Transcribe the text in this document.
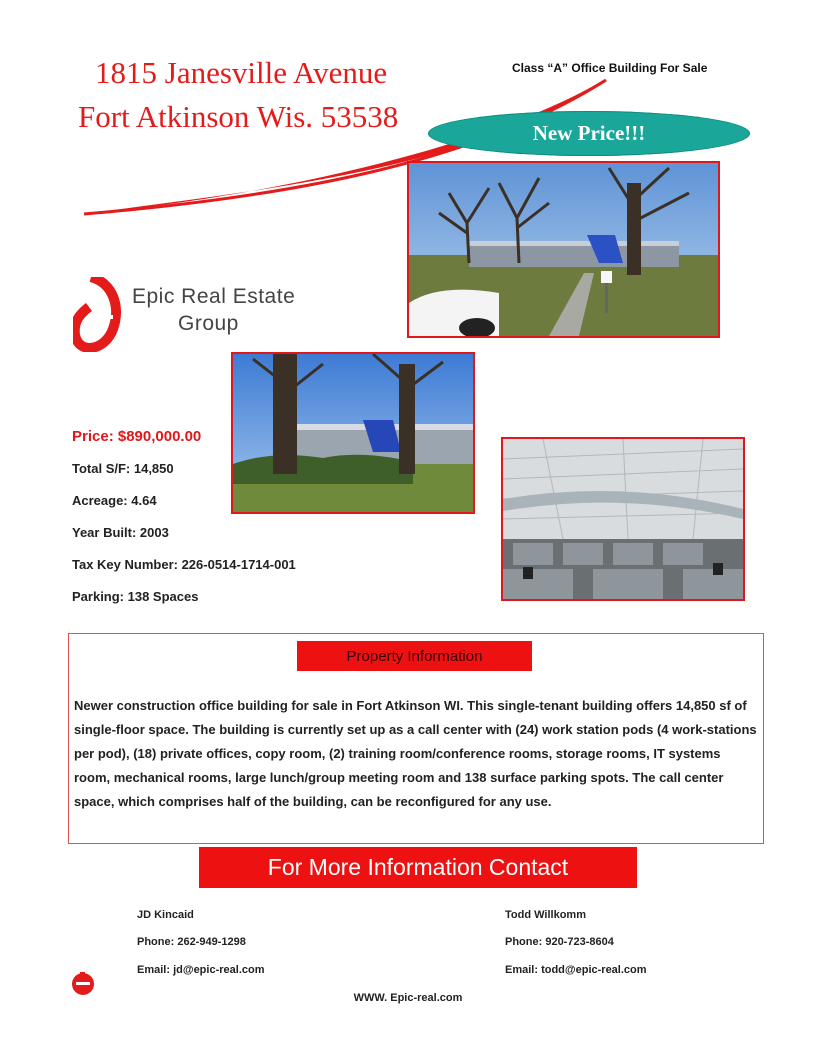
1815 Janesville Avenue
Fort Atkinson Wis. 53538
Class “A” Office Building For Sale
New Price!!!
Epic Real Estate
Group
Price: $890,000.00
Total S/F: 14,850
Acreage: 4.64
Year Built: 2003
Tax Key Number: 226-0514-1714-001
Parking: 138 Spaces
Property Information
Newer construction office building for sale in Fort Atkinson WI. This single-tenant building offers 14,850 sf of single-floor space. The building is currently set up as a call center with (24) work station pods (4 work-stations per pod), (18) private offices, copy room, (2) training room/conference rooms, storage rooms, IT systems room, mechanical rooms, large lunch/group meeting room and 138 surface parking spots. The call center space, which comprises half of the building, can be reconfigured for any use.
For More Information Contact
JD Kincaid
Phone: 262-949-1298
Email: jd@epic-real.com
Todd Willkomm
Phone: 920-723-8604
Email: todd@epic-real.com
WWW. Epic-real.com
